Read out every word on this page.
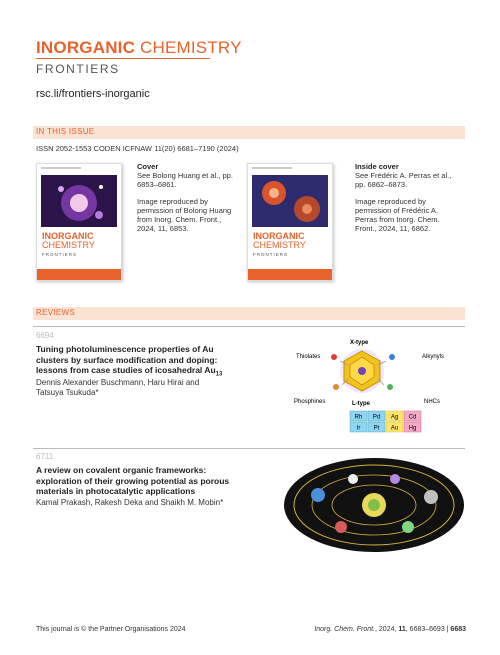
INORGANIC CHEMISTRY
FRONTIERS
rsc.li/frontiers-inorganic
IN THIS ISSUE
ISSN 2052-1553 CODEN ICFNAW 11(20) 6681–7190 (2024)
INORGANIC
CHEMISTRY
FRONTIERS
Cover
See Bolong Huang et al., pp. 6853–6861.
Image reproduced by permission of Bolong Huang from Inorg. Chem. Front., 2024, 11, 6853.
INORGANIC
CHEMISTRY
FRONTIERS
Inside cover
See Frédéric A. Perras et al., pp. 6862–6873.
Image reproduced by permission of Frédéric A. Perras from Inorg. Chem. Front., 2024, 11, 6862.
REVIEWS
6694
Tuning photoluminescence properties of Au clusters by surface modification and doping: lessons from case studies of icosahedral $Au_{13}$
Dennis Alexander Buschmann, Haru Hirai and Tatsuya Tsukuda*
X-type
Thiolates	Alkynyls
Phosphines	L-type	NHCs
Rh Pd Ag Cd
Ir Pt Au Hg
6711
A review on covalent organic frameworks: exploration of their growing potential as porous materials in photocatalytic applications
Kamal Prakash, Rakesh Deka and Shaikh M. Mobin*
This journal is © the Partner Organisations 2024	Inorg. Chem. Front., 2024, 11, 6683–6693 | 6683
